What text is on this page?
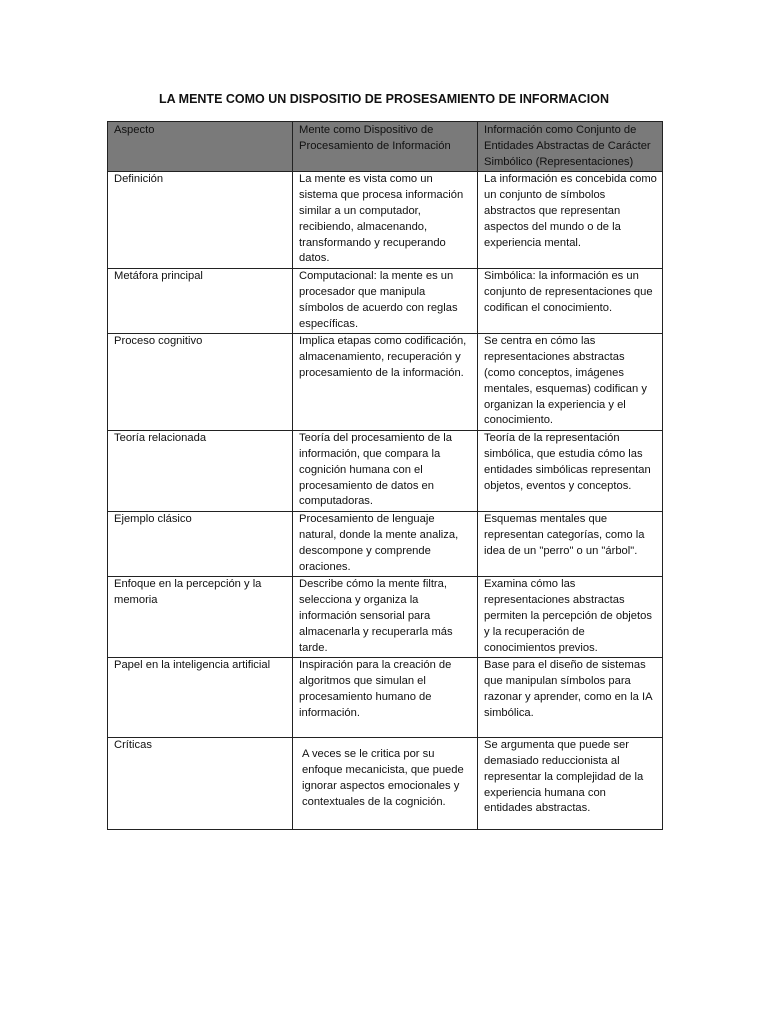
LA MENTE COMO UN DISPOSITIO DE PROSESAMIENTO DE INFORMACION
Aspecto	Mente como Dispositivo de Procesamiento de Información	Información como Conjunto de Entidades Abstractas de Carácter Simbólico (Representaciones)
Definición	La mente es vista como un sistema que procesa información similar a un computador, recibiendo, almacenando, transformando y recuperando datos.	La información es concebida como un conjunto de símbolos abstractos que representan aspectos del mundo o de la experiencia mental.
Metáfora principal	Computacional: la mente es un procesador que manipula símbolos de acuerdo con reglas específicas.	Simbólica: la información es un conjunto de representaciones que codifican el conocimiento.
Proceso cognitivo	Implica etapas como codificación, almacenamiento, recuperación y procesamiento de la información.	Se centra en cómo las representaciones abstractas (como conceptos, imágenes mentales, esquemas) codifican y organizan la experiencia y el conocimiento.
Teoría relacionada	Teoría del procesamiento de la información, que compara la cognición humana con el procesamiento de datos en computadoras.	Teoría de la representación simbólica, que estudia cómo las entidades simbólicas representan objetos, eventos y conceptos.
Ejemplo clásico	Procesamiento de lenguaje natural, donde la mente analiza, descompone y comprende oraciones.	Esquemas mentales que representan categorías, como la idea de un "perro" o un "árbol".
Enfoque en la percepción y la memoria	Describe cómo la mente filtra, selecciona y organiza la información sensorial para almacenarla y recuperarla más tarde.	Examina cómo las representaciones abstractas permiten la percepción de objetos y la recuperación de conocimientos previos.
Papel en la inteligencia artificial	Inspiración para la creación de algoritmos que simulan el procesamiento humano de información.	Base para el diseño de sistemas que manipulan símbolos para razonar y aprender, como en la IA simbólica.
Críticas	A veces se le critica por su enfoque mecanicista, que puede ignorar aspectos emocionales y contextuales de la cognición.	Se argumenta que puede ser demasiado reduccionista al representar la complejidad de la experiencia humana con entidades abstractas.
